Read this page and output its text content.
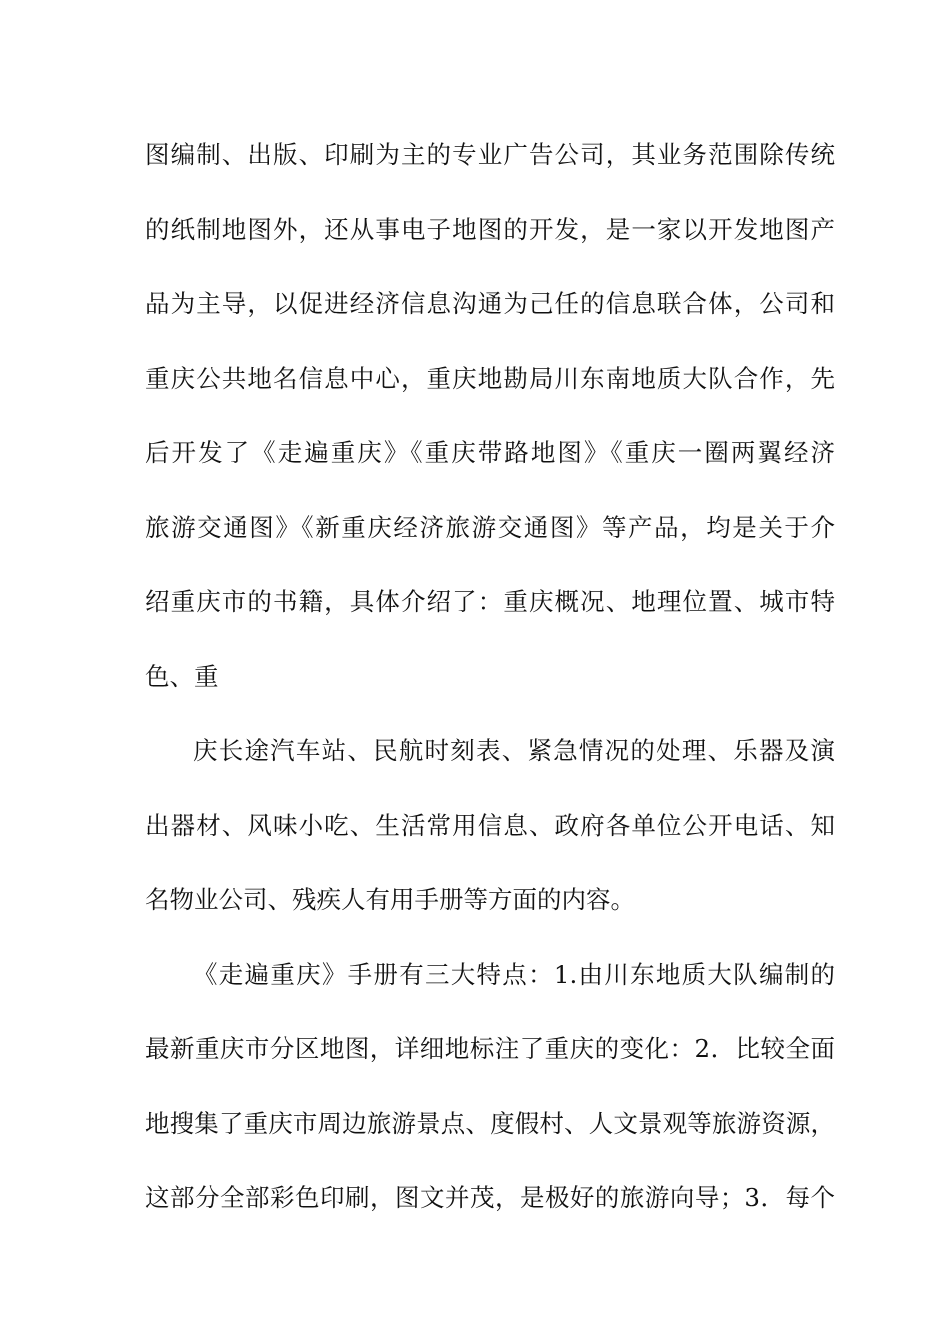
图编制、出版、印刷为主的专业广告公司，其业务范围除传统
的纸制地图外，还从事电子地图的开发，是一家以开发地图产
品为主导，以促进经济信息沟通为己任的信息联合体，公司和
重庆公共地名信息中心，重庆地勘局川东南地质大队合作，先
后开发了《走遍重庆》《重庆带路地图》《重庆一圈两翼经济
旅游交通图》《新重庆经济旅游交通图》等产品，均是关于介
绍重庆市的书籍，具体介绍了：重庆概况、地理位置、城市特
色、重
庆长途汽车站、民航时刻表、紧急情况的处理、乐器及演
出器材、风味小吃、生活常用信息、政府各单位公开电话、知
名物业公司、残疾人有用手册等方面的内容。
《走遍重庆》手册有三大特点：1.由川东地质大队编制的
最新重庆市分区地图，详细地标注了重庆的变化：2．比较全面
地搜集了重庆市周边旅游景点、度假村、人文景观等旅游资源，
这部分全部彩色印刷，图文并茂，是极好的旅游向导；3．每个
